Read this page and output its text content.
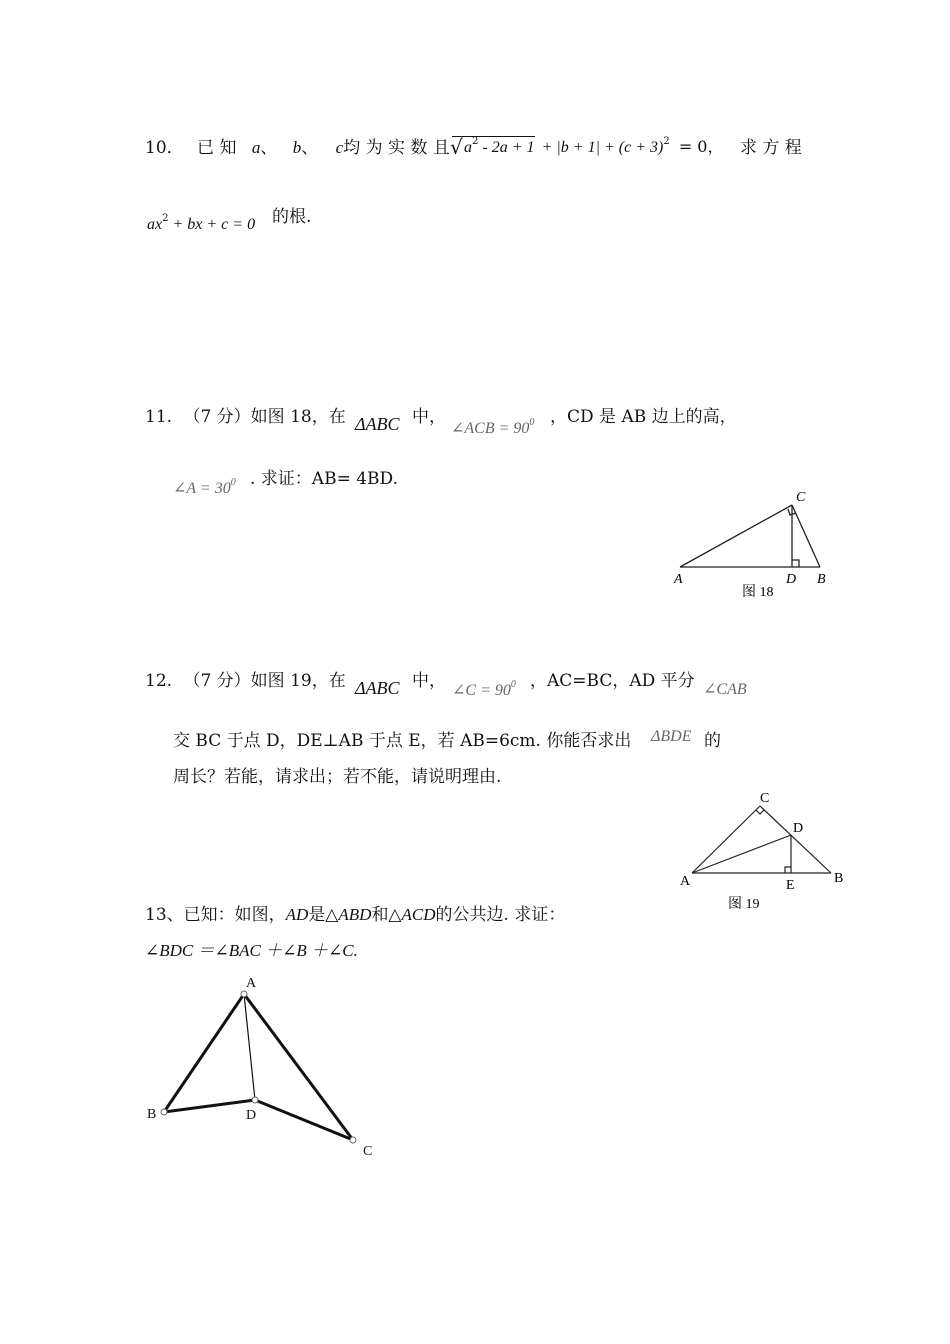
10． 已 知 a、 b、 c均 为 实 数 且 √ $a^2 - 2a + 1 + |b + 1| + (c + 3)^2 = 0$， 求 方 程
$ax^2$ + bx + c = 0 的根.
11. （7 分）如图 18，在 ΔABC 中，
∠ACB = $90^0$ ，CD 是 AB 边上的高，
∠A = $30^0$ . 求证：AB= 4BD.
A	B
C
D
图 18
12. （7 分）如图 19，在 ΔABC 中， ∠C = $90^0$ ，AC=BC，AD 平分 ∠CAB
交 BC 于点 D，DE⊥AB 于点 E，若 AB=6cm. 你能否求出 ΔBDE 的
周长？若能，请求出；若不能，请说明理由.
A	B
C
D
E
图 19
13、已知：如图，AD是△ABD和△ACD的公共边. 求证：
∠BDC ＝∠BAC ＋∠B ＋∠C.
A
B	D
C
